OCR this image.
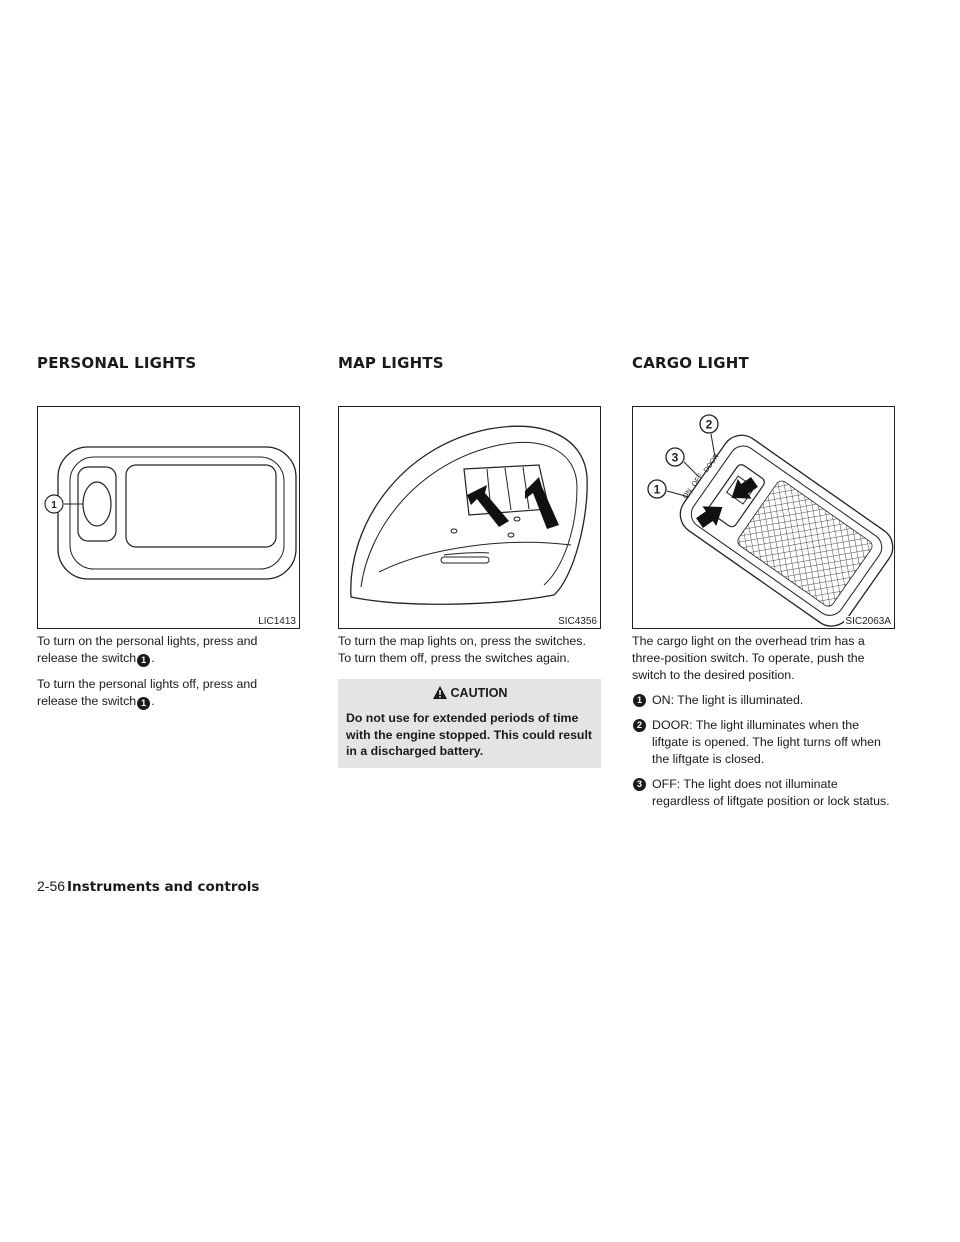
PERSONAL LIGHTS
1
LIC1413

To turn on the personal lights, press and release the switch 1 .

To turn the personal lights off, press and release the switch 1 .

MAP LIGHTS
SIC4356

To turn the map lights on, press the switches. To turn them off, press the switches again.

CAUTION
Do not use for extended periods of time with the engine stopped. This could result in a discharged battery.
CARGO LIGHT
ON
OFF
DOOR
1
2
3
SIC2063A

The cargo light on the overhead trim has a three-position switch. To operate, push the switch to the desired position.

1 ON: The light is illuminated.
2 DOOR: The light illuminates when the liftgate is opened. The light turns off when the liftgate is closed.
3 OFF: The light does not illuminate regardless of liftgate position or lock status.
2-56 Instruments and controls
